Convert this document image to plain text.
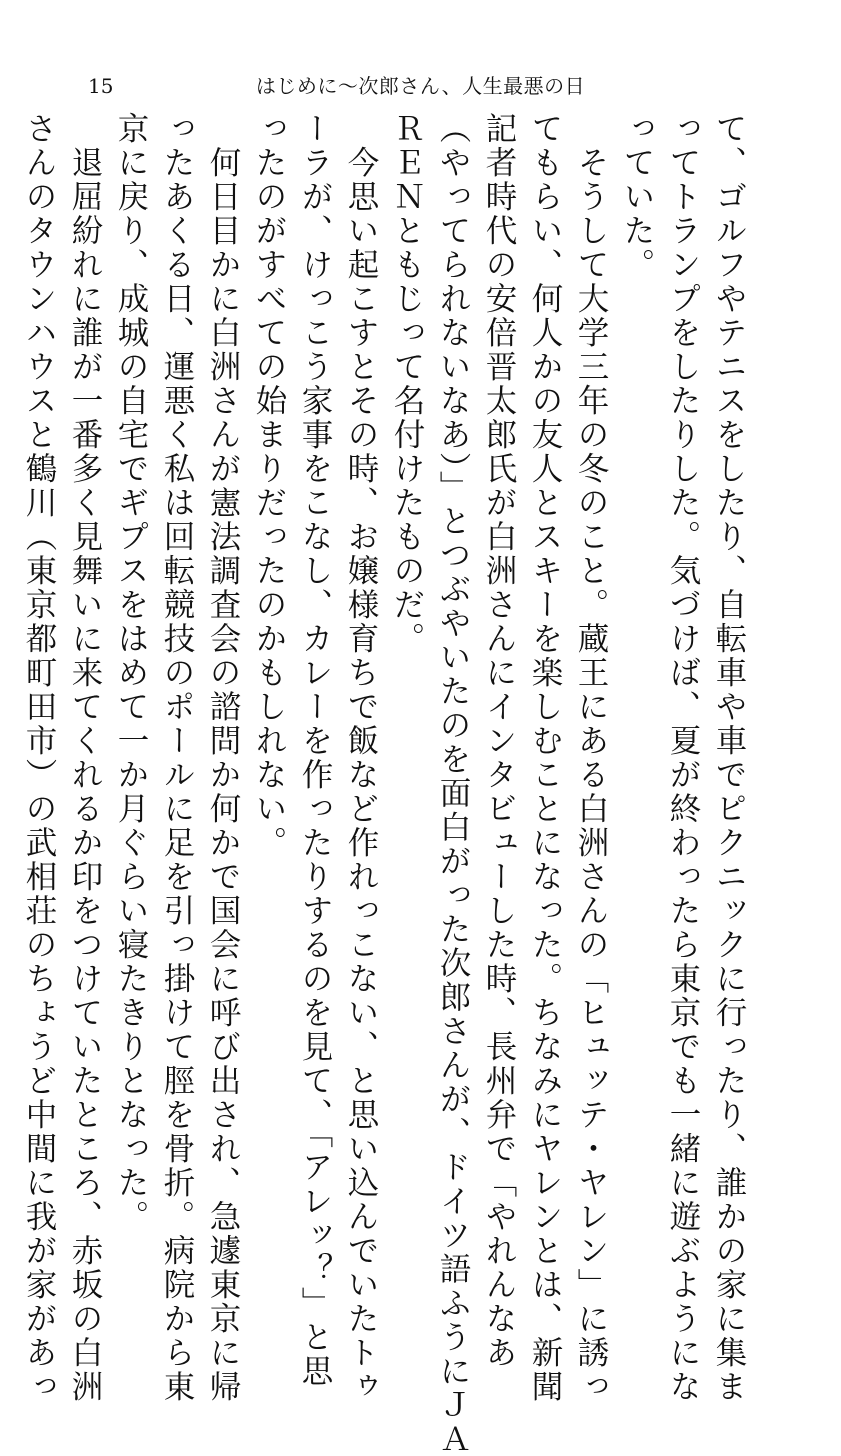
15	はじめに〜次郎さん、人生最悪の日
て、ゴルフやテニスをしたり、自転車や車でピクニックに行ったり、誰かの家に集ま
ってトランプをしたりした。気づけば、夏が終わったら東京でも一緒に遊ぶようにな
っていた。
　そうして大学三年の冬のこと。蔵王にある白洲さんの「ヒュッテ・ヤレン」に誘っ
てもらい、何人かの友人とスキーを楽しむことになった。ちなみにヤレンとは、新聞
記者時代の安倍晋太郎氏が白洲さんにインタビューした時、長州弁で「やれんなあ
（やってられないなあ）」とつぶやいたのを面白がった次郎さんが、ドイツ語ふうにＪＡ
ＲＥＮともじって名付けたものだ。
　今思い起こすとその時、お嬢様育ちで飯など作れっこない、と思い込んでいたトゥ
ーラが、けっこう家事をこなし、カレーを作ったりするのを見て、「アレッ？」と思
ったのがすべての始まりだったのかもしれない。
　何日目かに白洲さんが憲法調査会の諮問か何かで国会に呼び出され、急遽東京に帰
ったあくる日、運悪く私は回転競技のポールに足を引っ掛けて脛を骨折。病院から東
京に戻り、成城の自宅でギプスをはめて一か月ぐらい寝たきりとなった。
　退屈紛れに誰が一番多く見舞いに来てくれるか印をつけていたところ、赤坂の白洲
さんのタウンハウスと鶴川（東京都町田市）の武相荘のちょうど中間に我が家があっ
